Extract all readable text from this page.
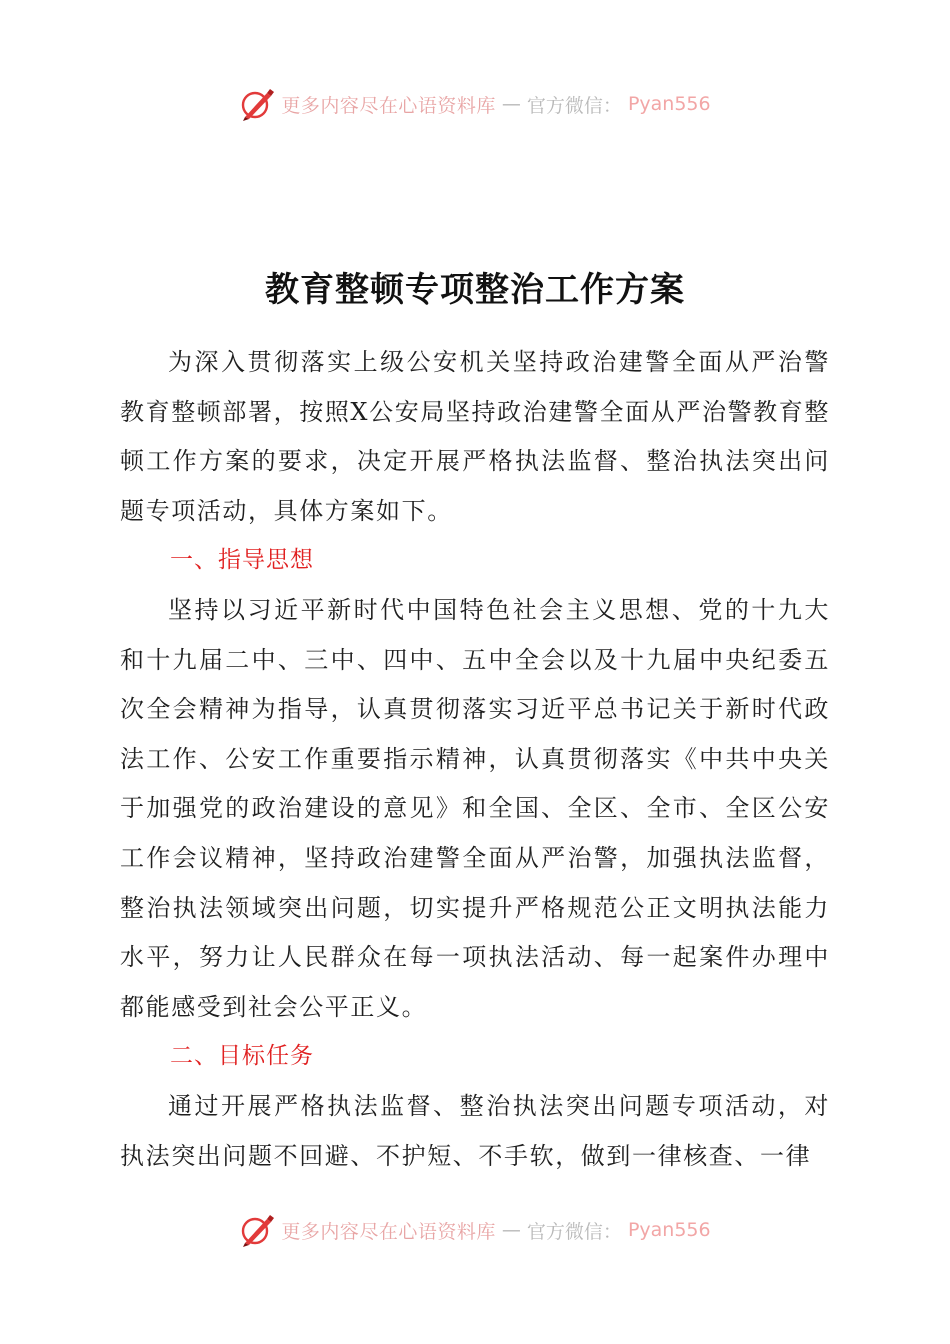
更多内容尽在心语资料库 — 官方微信： Pyan556
教育整顿专项整治工作方案

为深入贯彻落实上级公安机关坚持政治建警全面从严治警教育整顿部署，按照X公安局坚持政治建警全面从严治警教育整顿工作方案的要求，决定开展严格执法监督、整治执法突出问题专项活动，具体方案如下。

一、指导思想

坚持以习近平新时代中国特色社会主义思想、党的十九大和十九届二中、三中、四中、五中全会以及十九届中央纪委五次全会精神为指导，认真贯彻落实习近平总书记关于新时代政法工作、公安工作重要指示精神，认真贯彻落实《中共中央关于加强党的政治建设的意见》和全国、全区、全市、全区公安工作会议精神，坚持政治建警全面从严治警，加强执法监督，整治执法领域突出问题，切实提升严格规范公正文明执法能力水平，努力让人民群众在每一项执法活动、每一起案件办理中都能感受到社会公平正义。

二、目标任务

通过开展严格执法监督、整治执法突出问题专项活动，对执法突出问题不回避、不护短、不手软，做到一律核查、一律

更多内容尽在心语资料库 — 官方微信： Pyan556
